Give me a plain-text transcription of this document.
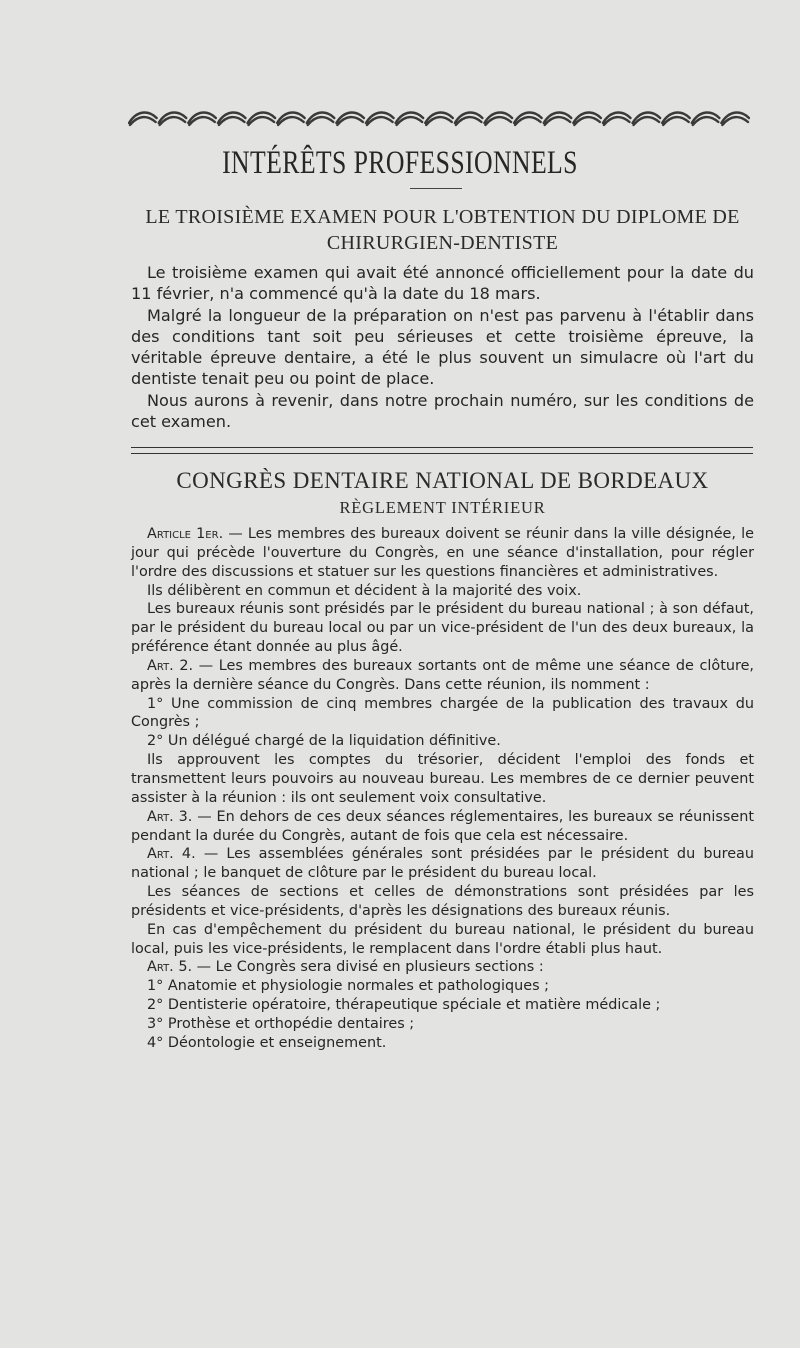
INTÉRÊTS PROFESSIONNELS
LE TROISIÈME EXAMEN POUR L'OBTENTION DU DIPLOME DE CHIRURGIEN-DENTISTE

Le troisième examen qui avait été annoncé officiellement pour la date du 11 février, n'a commencé qu'à la date du 18 mars.

Malgré la longueur de la préparation on n'est pas parvenu à l'établir dans des conditions tant soit peu sérieuses et cette troisième épreuve, la véritable épreuve dentaire, a été le plus souvent un simulacre où l'art du dentiste tenait peu ou point de place.

Nous aurons à revenir, dans notre prochain numéro, sur les conditions de cet examen.

CONGRÈS DENTAIRE NATIONAL DE BORDEAUX
RÈGLEMENT INTÉRIEUR

Article 1er. — Les membres des bureaux doivent se réunir dans la ville désignée, le jour qui précède l'ouverture du Congrès, en une séance d'installation, pour régler l'ordre des discussions et statuer sur les questions financières et administratives.

Ils délibèrent en commun et décident à la majorité des voix.

Les bureaux réunis sont présidés par le président du bureau national ; à son défaut, par le président du bureau local ou par un vice-président de l'un des deux bureaux, la préférence étant donnée au plus âgé.

Art. 2. — Les membres des bureaux sortants ont de même une séance de clôture, après la dernière séance du Congrès. Dans cette réunion, ils nomment :

1° Une commission de cinq membres chargée de la publication des travaux du Congrès ;

2° Un délégué chargé de la liquidation définitive.

Ils approuvent les comptes du trésorier, décident l'emploi des fonds et transmettent leurs pouvoirs au nouveau bureau. Les membres de ce dernier peuvent assister à la réunion : ils ont seulement voix consultative.

Art. 3. — En dehors de ces deux séances réglementaires, les bureaux se réunissent pendant la durée du Congrès, autant de fois que cela est nécessaire.

Art. 4. — Les assemblées générales sont présidées par le président du bureau national ; le banquet de clôture par le président du bureau local.

Les séances de sections et celles de démonstrations sont présidées par les présidents et vice-présidents, d'après les désignations des bureaux réunis.

En cas d'empêchement du président du bureau national, le président du bureau local, puis les vice-présidents, le remplacent dans l'ordre établi plus haut.

Art. 5. — Le Congrès sera divisé en plusieurs sections :

1° Anatomie et physiologie normales et pathologiques ;

2° Dentisterie opératoire, thérapeutique spéciale et matière médicale ;

3° Prothèse et orthopédie dentaires ;

4° Déontologie et enseignement.
